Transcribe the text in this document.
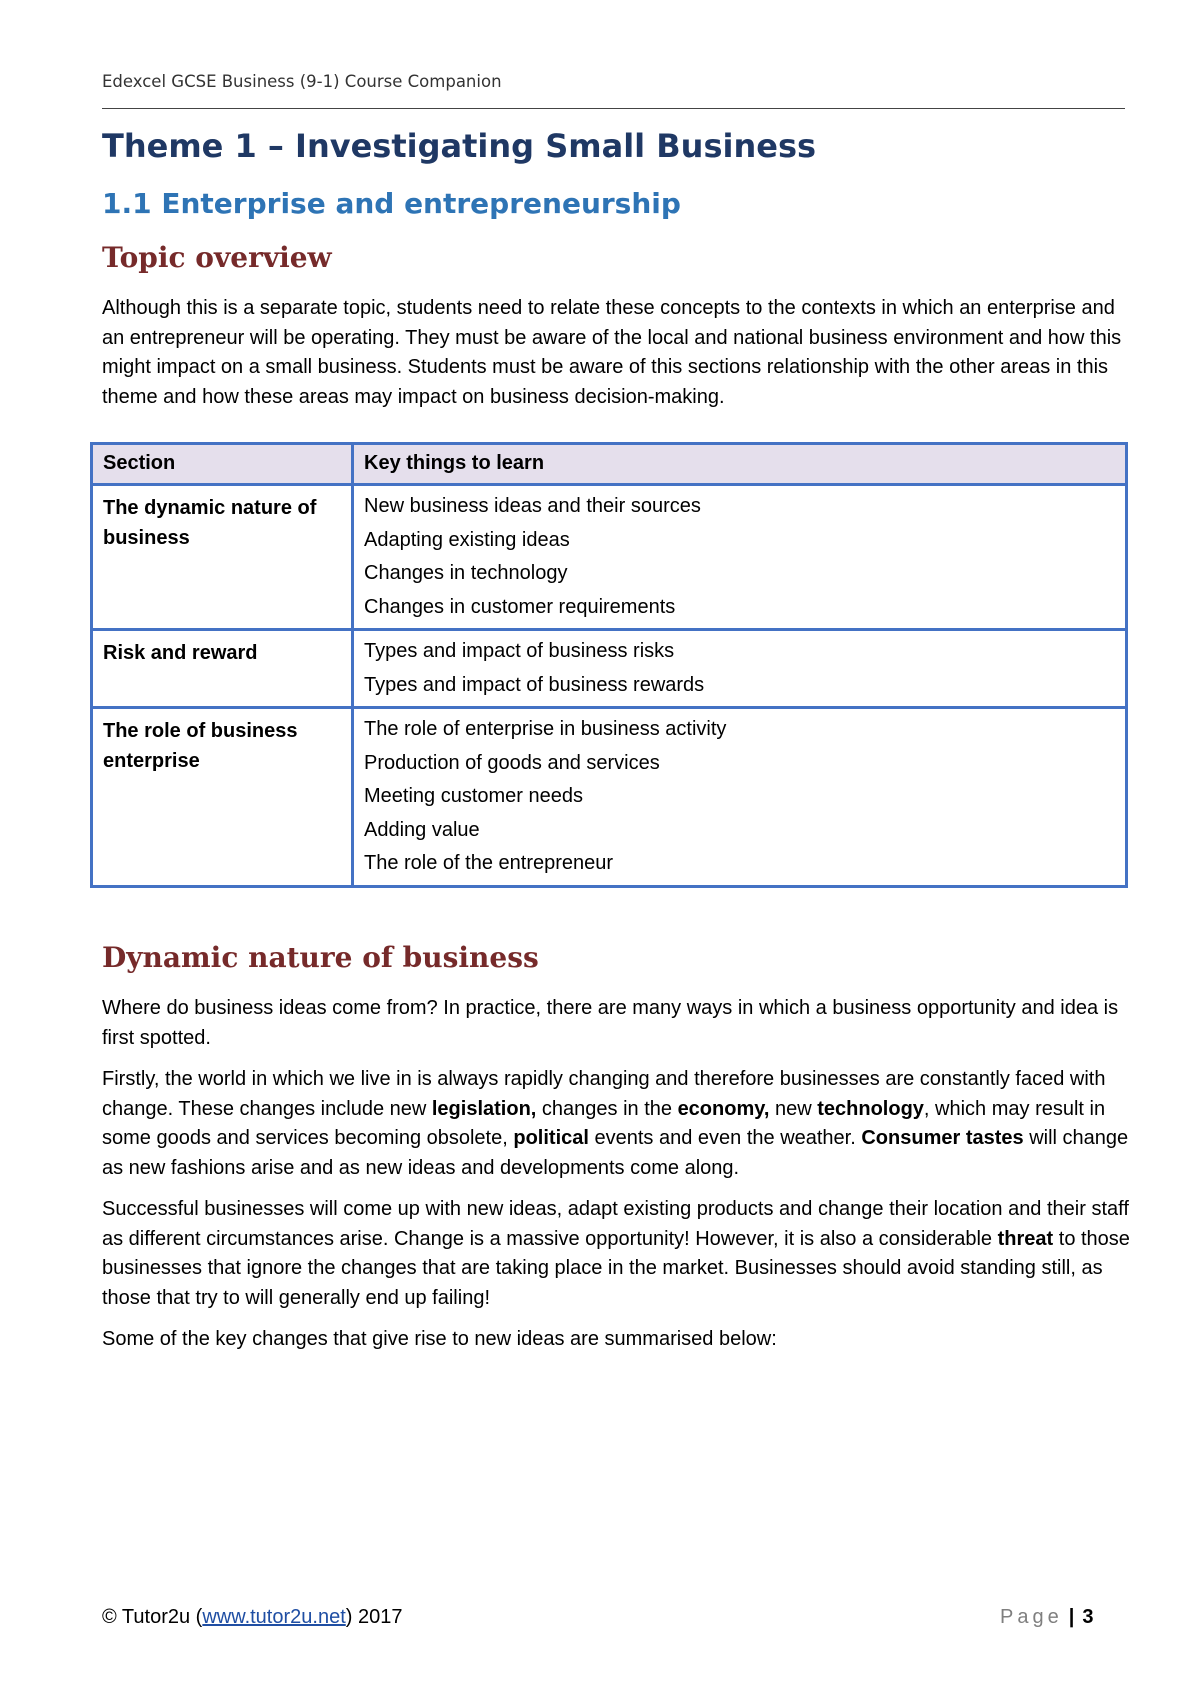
Edexcel GCSE Business (9-1) Course Companion
Theme 1 – Investigating Small Business
1.1 Enterprise and entrepreneurship
Topic overview

Although this is a separate topic, students need to relate these concepts to the contexts in which an enterprise and an entrepreneur will be operating. They must be aware of the local and national business environment and how this might impact on a small business. Students must be aware of this sections relationship with the other areas in this theme and how these areas may impact on business decision-making.

Section	Key things to learn
The dynamic nature of business	New business ideas and their sources
Adapting existing ideas
Changes in technology
Changes in customer requirements

Risk and reward	Types and impact of business risks
Types and impact of business rewards

The role of business enterprise	The role of enterprise in business activity
Production of goods and services
Meeting customer needs
Adding value
The role of the entrepreneur
Dynamic nature of business

Where do business ideas come from? In practice, there are many ways in which a business opportunity and idea is first spotted.

Firstly, the world in which we live in is always rapidly changing and therefore businesses are constantly faced with change. These changes include new legislation, changes in the economy, new technology, which may result in some goods and services becoming obsolete, political events and even the weather. Consumer tastes will change as new fashions arise and as new ideas and developments come along.

Successful businesses will come up with new ideas, adapt existing products and change their location and their staff as different circumstances arise. Change is a massive opportunity! However, it is also a considerable threat to those businesses that ignore the changes that are taking place in the market. Businesses should avoid standing still, as those that try to will generally end up failing!

Some of the key changes that give rise to new ideas are summarised below:

© Tutor2u (www.tutor2u.net) 2017	Page | 3
